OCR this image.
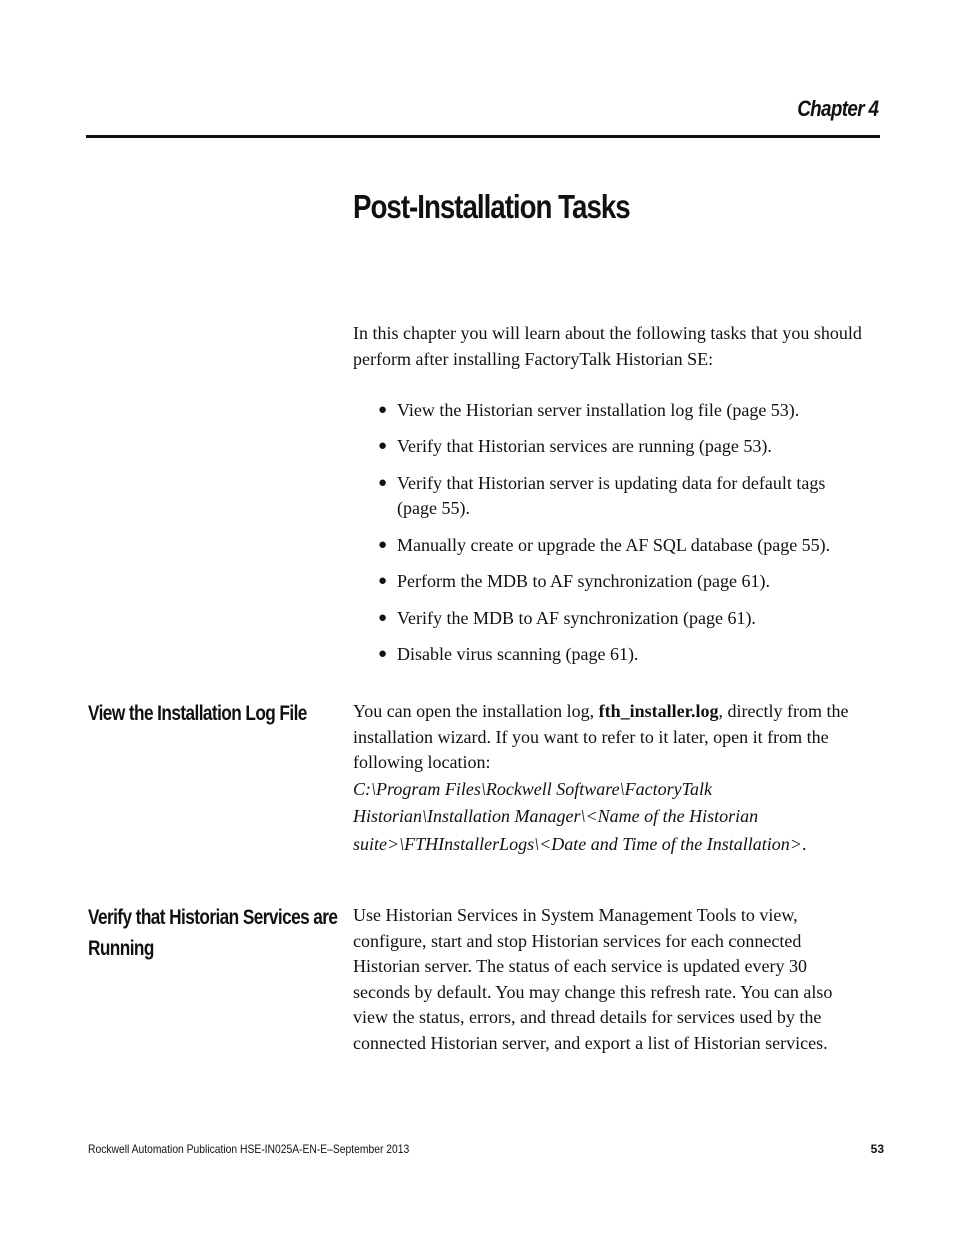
Chapter 4
Post-Installation Tasks

In this chapter you will learn about the following tasks that you should perform after installing FactoryTalk Historian SE:

● View the Historian server installation log file (page 53).
● Verify that Historian services are running (page 53).
● Verify that Historian server is updating data for default tags (page 55).
● Manually create or upgrade the AF SQL database (page 55).
● Perform the MDB to AF synchronization (page 61).
● Verify the MDB to AF synchronization (page 61).
● Disable virus scanning (page 61).
View the Installation Log File	You can open the installation log, fth_installer.log, directly from the installation wizard. If you want to refer to it later, open it from the following location:
C:\Program Files\Rockwell Software\FactoryTalk Historian\Installation Manager\<Name of the Historian suite>\FTHInstallerLogs\<Date and Time of the Installation>.
Verify that Historian Services are Running

Use Historian Services in System Management Tools to view, configure, start and stop Historian services for each connected Historian server. The status of each service is updated every 30 seconds by default. You may change this refresh rate. You can also view the status, errors, and thread details for services used by the connected Historian server, and export a list of Historian services.

Rockwell Automation Publication HSE-IN025A-EN-E–September 2013	53
